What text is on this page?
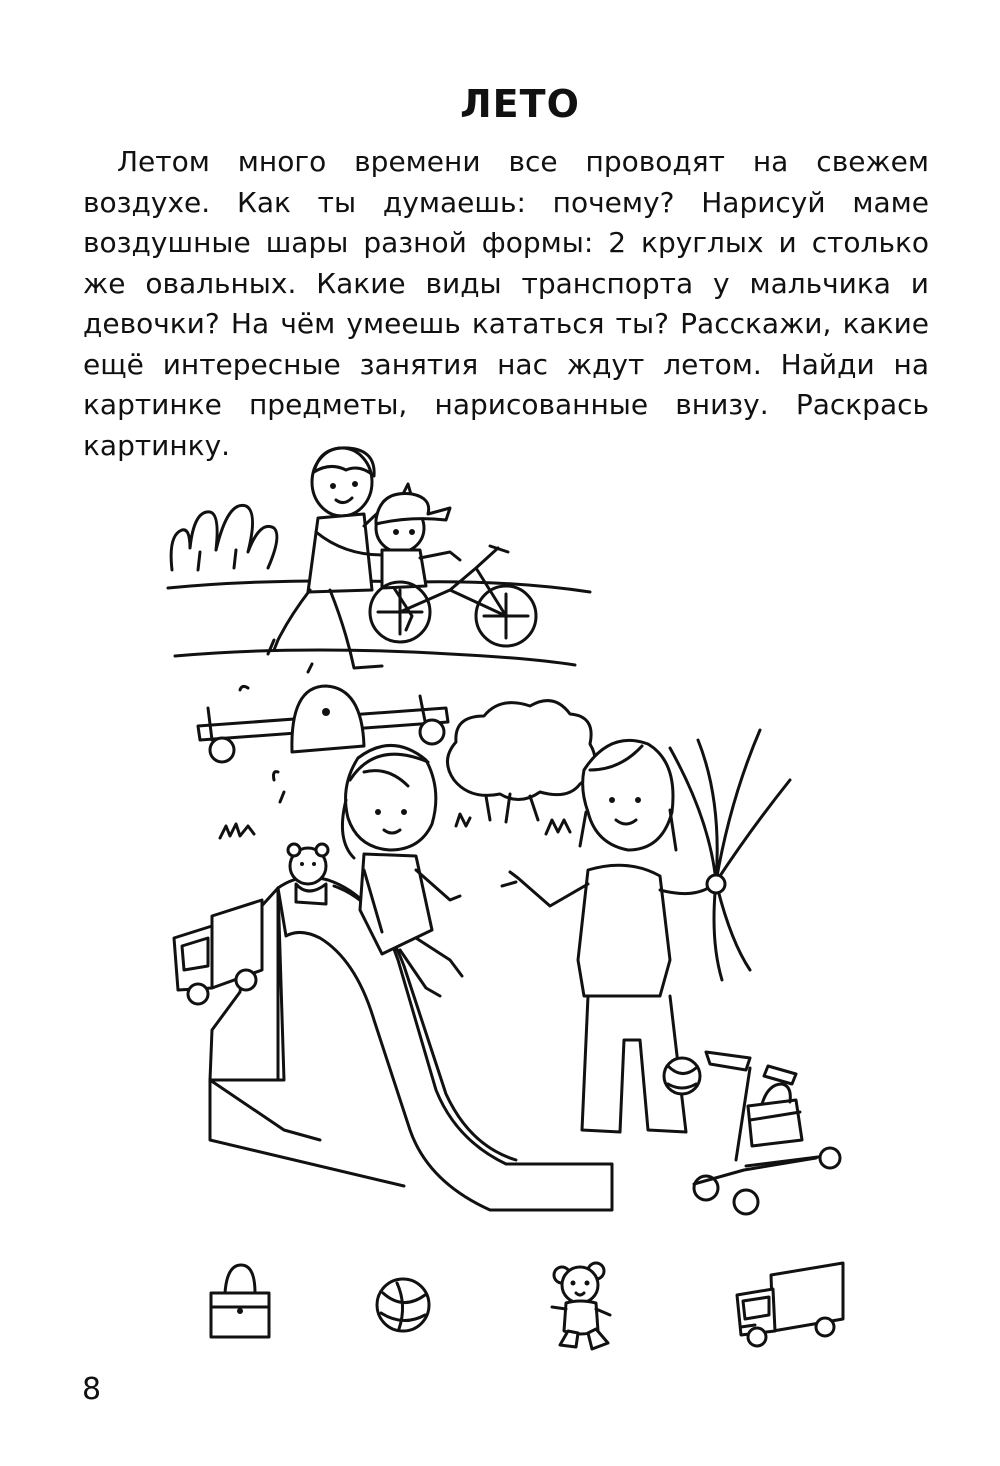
ЛЕТО
Летом много времени все проводят на свежем воздухе. Как ты думаешь: почему? Нарисуй маме воздушные шары разной формы: 2 круглых и столько же овальных. Какие виды транспорта у мальчика и девочки? На чём умеешь кататься ты? Расскажи, какие ещё интересные занятия нас ждут летом. Найди на картинке предметы, нарисованные внизу. Раскрась картинку.
8
